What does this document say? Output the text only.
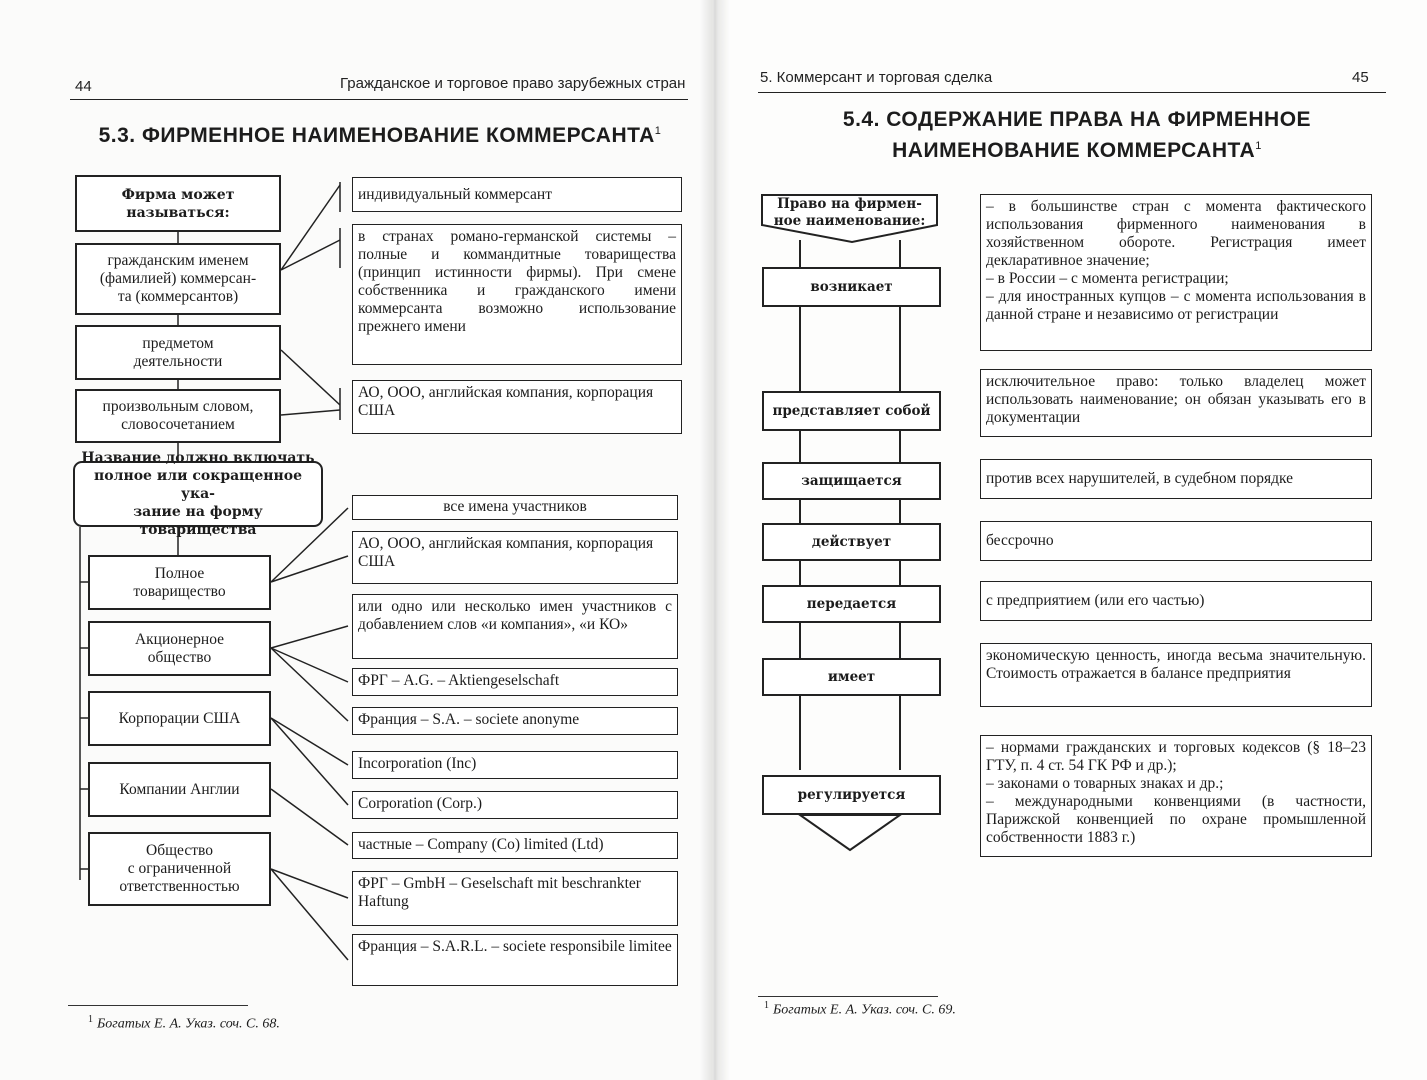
44	Гражданское и торговое право зарубежных стран
5.3. ФИРМЕННОЕ НАИМЕНОВАНИЕ КОММЕРСАНТА$^1$
Фирма может
называться:
гражданским именем
(фамилией) коммерсан-
та (коммерсантов)
предметом
деятельности
произвольным словом,
словосочетанием
индивидуальный коммерсант
в странах романо-германской системы – полные и коммандитные товарищества (принцип истинности фирмы). При смене собственника и гражданского имени коммерсанта возможно использование прежнего имени
АО, ООО, английская компания, корпорация США
Название должно включать
полное или сокращенное ука-
зание на форму товарищества
Полное
товарищество
Акционерное
общество
Корпорации США
Компании Англии
Общество
с ограниченной
ответственностью
все имена участников
АО, ООО, английская компания, корпорация США
или одно или несколько имен участников с добавлением слов «и компания», «и КО»
ФРГ – A.G. – Aktiengeselschaft
Франция – S.A. – societe anonyme
Incorporation (Inc)
Corporation (Corp.)
частные – Company (Co) limited (Ltd)
ФРГ – GmbH – Geselschaft mit beschrankter Haftung
Франция – S.A.R.L. – societe responsibile limitee
$^1$ Богатых Е. А. Указ. соч. С. 68.
5. Коммерсант и торговая сделка	45
5.4. СОДЕРЖАНИЕ ПРАВА НА ФИРМЕННОЕ
НАИМЕНОВАНИЕ КОММЕРСАНТА$^1$
Право на фирмен-
ное наименование:
возникает
представляет собой
защищается
действует
передается
имеет
регулируется
– в большинстве стран с момента фактического использования фирменного наименования в хозяйственном обороте. Регистрация имеет декларативное значение;
– в России – с момента регистрации;
– для иностранных купцов – с момента использования в данной стране и независимо от регистрации
исключительное право: только владелец может использовать наименование; он обязан указывать его в документации
против всех нарушителей, в судебном порядке
бессрочно
с предприятием (или его частью)
экономическую ценность, иногда весьма значительную. Стоимость отражается в балансе предприятия
– нормами гражданских и торговых кодексов (§ 18–23 ГТУ, п. 4 ст. 54 ГК РФ и др.);
– законами о товарных знаках и др.;
– международными конвенциями (в частности, Парижской конвенцией по охране промышленной собственности 1883 г.)
$^1$ Богатых Е. А. Указ. соч. С. 69.
